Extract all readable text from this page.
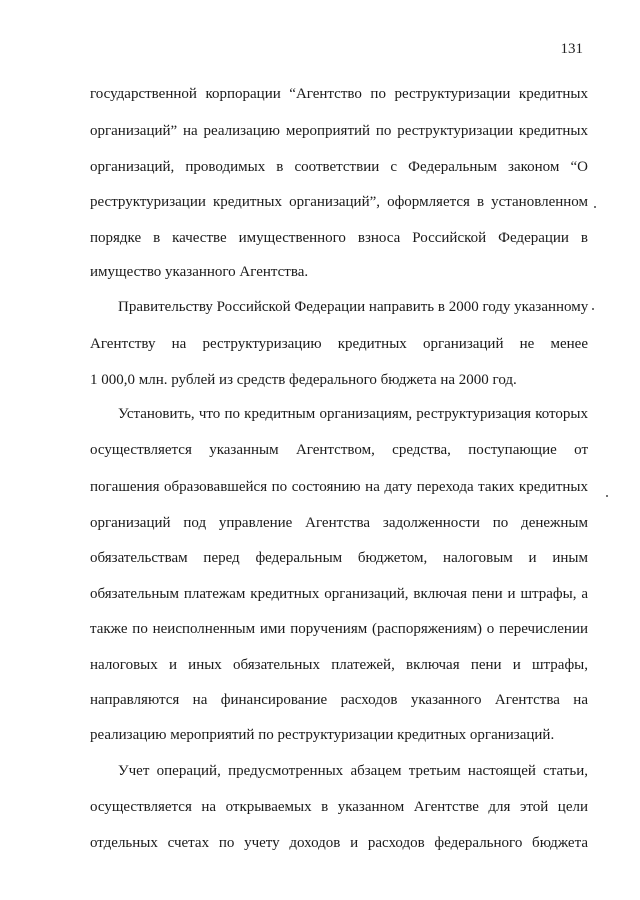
131
государственной корпорации “Агентство по реструктуризации кредитных
организаций” на реализацию мероприятий по реструктуризации кредитных
организаций, проводимых в соответствии с Федеральным законом “О
реструктуризации кредитных организаций”, оформляется в установленном
порядке в качестве имущественного взноса Российской Федерации в
имущество указанного Агентства.
Правительству Российской Федерации направить в 2000 году указанному
Агентству на реструктуризацию кредитных организаций не менее
1 000,0 млн. рублей из средств федерального бюджета на 2000 год.
Установить, что по кредитным организациям, реструктуризация которых
осуществляется указанным Агентством, средства, поступающие от
погашения образовавшейся по состоянию на дату перехода таких кредитных
организаций под управление Агентства задолженности по денежным
обязательствам перед федеральным бюджетом, налоговым и иным
обязательным платежам кредитных организаций, включая пени и штрафы, а
также по неисполненным ими поручениям (распоряжениям) о перечислении
налоговых и иных обязательных платежей, включая пени и штрафы,
направляются на финансирование расходов указанного Агентства на
реализацию мероприятий по реструктуризации кредитных организаций.
Учет операций, предусмотренных абзацем третьим настоящей статьи,
осуществляется на открываемых в указанном Агентстве для этой цели
отдельных счетах по учету доходов и расходов федерального бюджета
